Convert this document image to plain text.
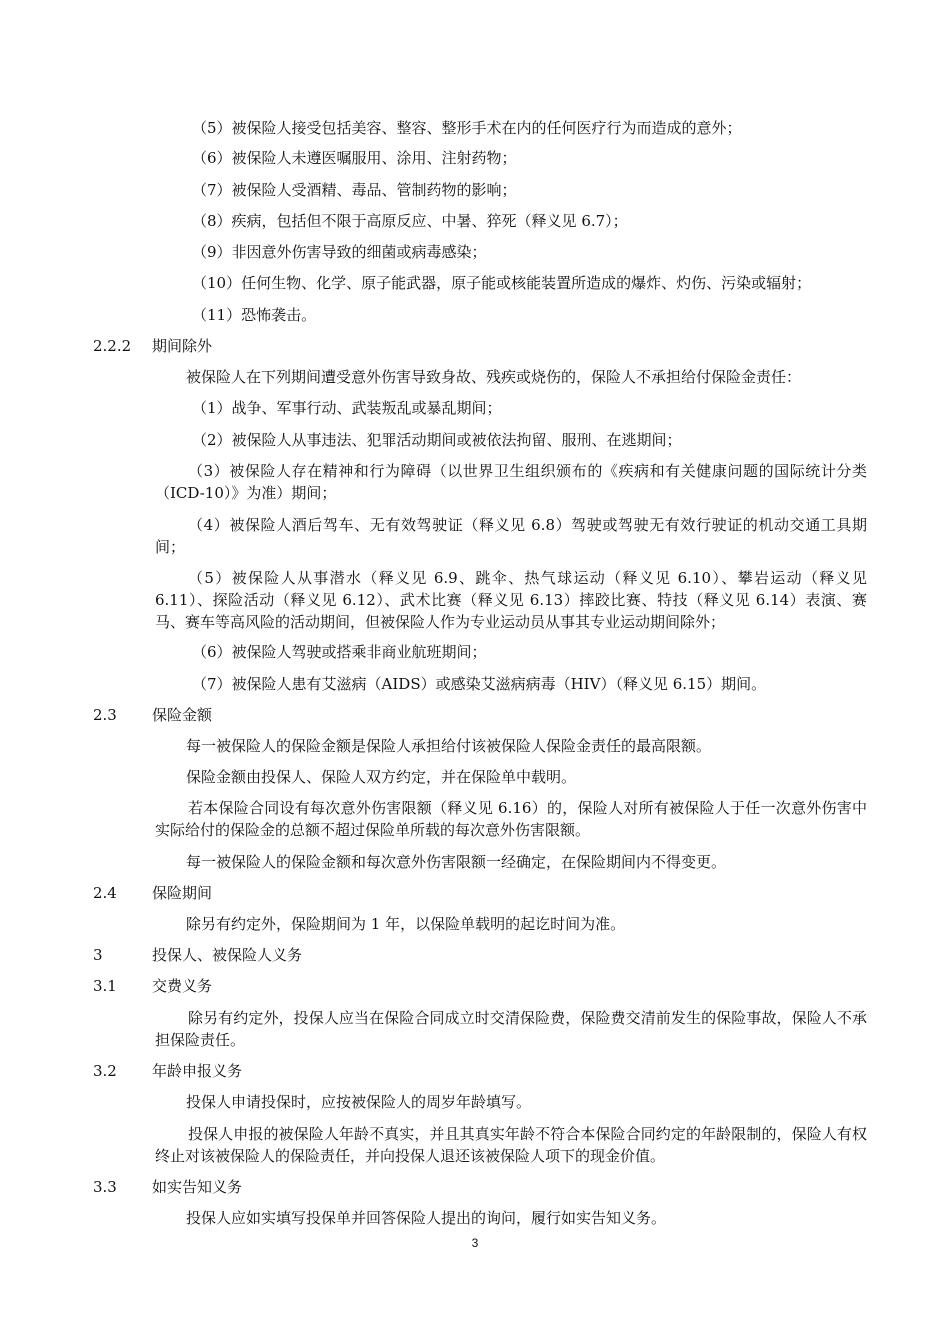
（5）被保险人接受包括美容、整容、整形手术在内的任何医疗行为而造成的意外；
（6）被保险人未遵医嘱服用、涂用、注射药物；
（7）被保险人受酒精、毒品、管制药物的影响；
（8）疾病，包括但不限于高原反应、中暑、猝死（释义见 6.7）；
（9）非因意外伤害导致的细菌或病毒感染；
（10）任何生物、化学、原子能武器，原子能或核能装置所造成的爆炸、灼伤、污染或辐射；
（11）恐怖袭击。
2.2.2 期间除外
被保险人在下列期间遭受意外伤害导致身故、残疾或烧伤的，保险人不承担给付保险金责任：
（1）战争、军事行动、武装叛乱或暴乱期间；
（2）被保险人从事违法、犯罪活动期间或被依法拘留、服刑、在逃期间；
（3）被保险人存在精神和行为障碍（以世界卫生组织颁布的《疾病和有关健康问题的国际统计分类（ICD-10）》为准）期间；
（4）被保险人酒后驾车、无有效驾驶证（释义见 6.8）驾驶或驾驶无有效行驶证的机动交通工具期间；
（5）被保险人从事潜水（释义见 6.9、跳伞、热气球运动（释义见 6.10）、攀岩运动（释义见 6.11）、探险活动（释义见 6.12）、武术比赛（释义见 6.13）摔跤比赛、特技（释义见 6.14）表演、赛马、赛车等高风险的活动期间，但被保险人作为专业运动员从事其专业运动期间除外；
（6）被保险人驾驶或搭乘非商业航班期间；
（7）被保险人患有艾滋病（AIDS）或感染艾滋病病毒（HIV）（释义见 6.15）期间。
2.3 保险金额
每一被保险人的保险金额是保险人承担给付该被保险人保险金责任的最高限额。
保险金额由投保人、保险人双方约定，并在保险单中载明。
若本保险合同设有每次意外伤害限额（释义见 6.16）的，保险人对所有被保险人于任一次意外伤害中实际给付的保险金的总额不超过保险单所载的每次意外伤害限额。
每一被保险人的保险金额和每次意外伤害限额一经确定，在保险期间内不得变更。
2.4 保险期间
除另有约定外，保险期间为 1 年，以保险单载明的起讫时间为准。
3	投保人、被保险人义务
3.1 交费义务
除另有约定外，投保人应当在保险合同成立时交清保险费，保险费交清前发生的保险事故，保险人不承担保险责任。
3.2 年龄申报义务
投保人申请投保时，应按被保险人的周岁年龄填写。
投保人申报的被保险人年龄不真实，并且其真实年龄不符合本保险合同约定的年龄限制的，保险人有权终止对该被保险人的保险责任，并向投保人退还该被保险人项下的现金价值。
3.3 如实告知义务
投保人应如实填写投保单并回答保险人提出的询问，履行如实告知义务。
3
